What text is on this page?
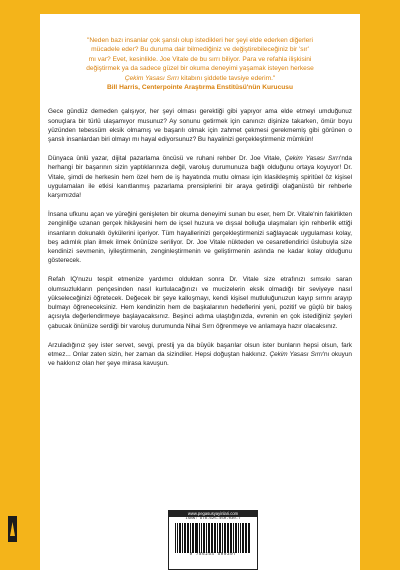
"Neden bazı insanlar çok şanslı olup istedikleri her şeyi elde ederken diğerleri
mücadele eder? Bu duruma dair bilmediğiniz ve değiştirebileceğiniz bir 'sır'
mı var? Evet, kesinlikle. Joe Vitale de bu sırrı biliyor. Para ve refahla ilişkisini
değiştirmek ya da sadece güzel bir okuma deneyimi yaşamak isteyen herkese
Çekim Yasası Sırrı kitabını şiddetle tavsiye ederim."
Bill Harris, Centerpointe Araştırma Enstitüsü'nün Kurucusu

Gece gündüz demeden çalışıyor, her şeyi olması gerektiği gibi yapıyor ama elde etmeyi umduğunuz sonuçlara bir türlü ulaşamıyor musunuz? Ay sonunu getirmek için canınızı dişinize takarken, ömür boyu yüzünden tebessüm eksik olmamış ve başarılı olmak için zahmet çekmesi gerekmemiş gibi görünen o şanslı insanlardan biri olmayı mı hayal ediyorsunuz? Bu hayalinizi gerçekleştirmeniz mümkün!

Dünyaca ünlü yazar, dijital pazarlama öncüsü ve ruhani rehber Dr. Joe Vitale, Çekim Yasası Sırrı'nda herhangi bir başarının sizin yaptıklarınıza değil, varoluş durumunuza bağlı olduğunu ortaya koyuyor! Dr. Vitale, şimdi de herkesin hem özel hem de iş hayatında mutlu olması için klasikleşmiş spiritüel öz kişisel uygulamaları ile etkisi kanıtlanmış pazarlama prensiplerini bir araya getirdiği olağanüstü bir rehberle karşımızda!

İnsana ufkunu açan ve yüreğini genişleten bir okuma deneyimi sunan bu eser, hem Dr. Vitale'nin fakirlikten zenginliğe uzanan gerçek hikâyesini hem de içsel huzura ve dışsal bolluğa ulaşmaları için rehberlik ettiği insanların dokunaklı öykülerini içeriyor. Tüm hayallerinizi gerçekleştirmenizi sağlayacak uygulaması kolay, beş adımlık plan ilmek ilmek önünüze seriliyor. Dr. Joe Vitale nükteden ve cesaretlendirici üslubuyla size kendinizi sevmenin, iyileştirmenin, zenginleştirmenin ve geliştirmenin aslında ne kadar kolay olduğunu gösterecek.

Refah IQ'nuzu tespit etmenize yardımcı olduktan sonra Dr. Vitale size etrafınızı sımsıkı saran olumsuzlukların pençesinden nasıl kurtulacağınızı ve mucizelerin eksik olmadığı bir seviyeye nasıl yükseleceğinizi öğretecek. Değecek bir şeye kalkışmayı, kendi kişisel mutluluğunuzun kayıp sırrını arayıp bulmayı öğreneceksiniz. Hem kendinizin hem de başkalarının hedeflerini yeni, pozitif ve güçlü bir bakış açısıyla değerlendirmeye başlayacaksınız. Beşinci adıma ulaştığınızda, evrenin en çok istediğiniz şeyleri çabucak önünüze serdiği bir varoluş durumunda Nihai Sırrı öğrenmeye ve anlamaya hazır olacaksınız.

Arzuladığınız şey ister servet, sevgi, prestij ya da büyük başarılar olsun ister bunların hepsi olsun, fark etmez... Onlar zaten sizin, her zaman da sizindiler. Hepsi doğuştan hakkınız. Çekim Yasası Sırrı'nı okuyun ve hakkınız olan her şeye mirasa kavuşun.

www.pegasusyayinlari.com
ISBN: 978-625-450-030-7
9 786254 500307
